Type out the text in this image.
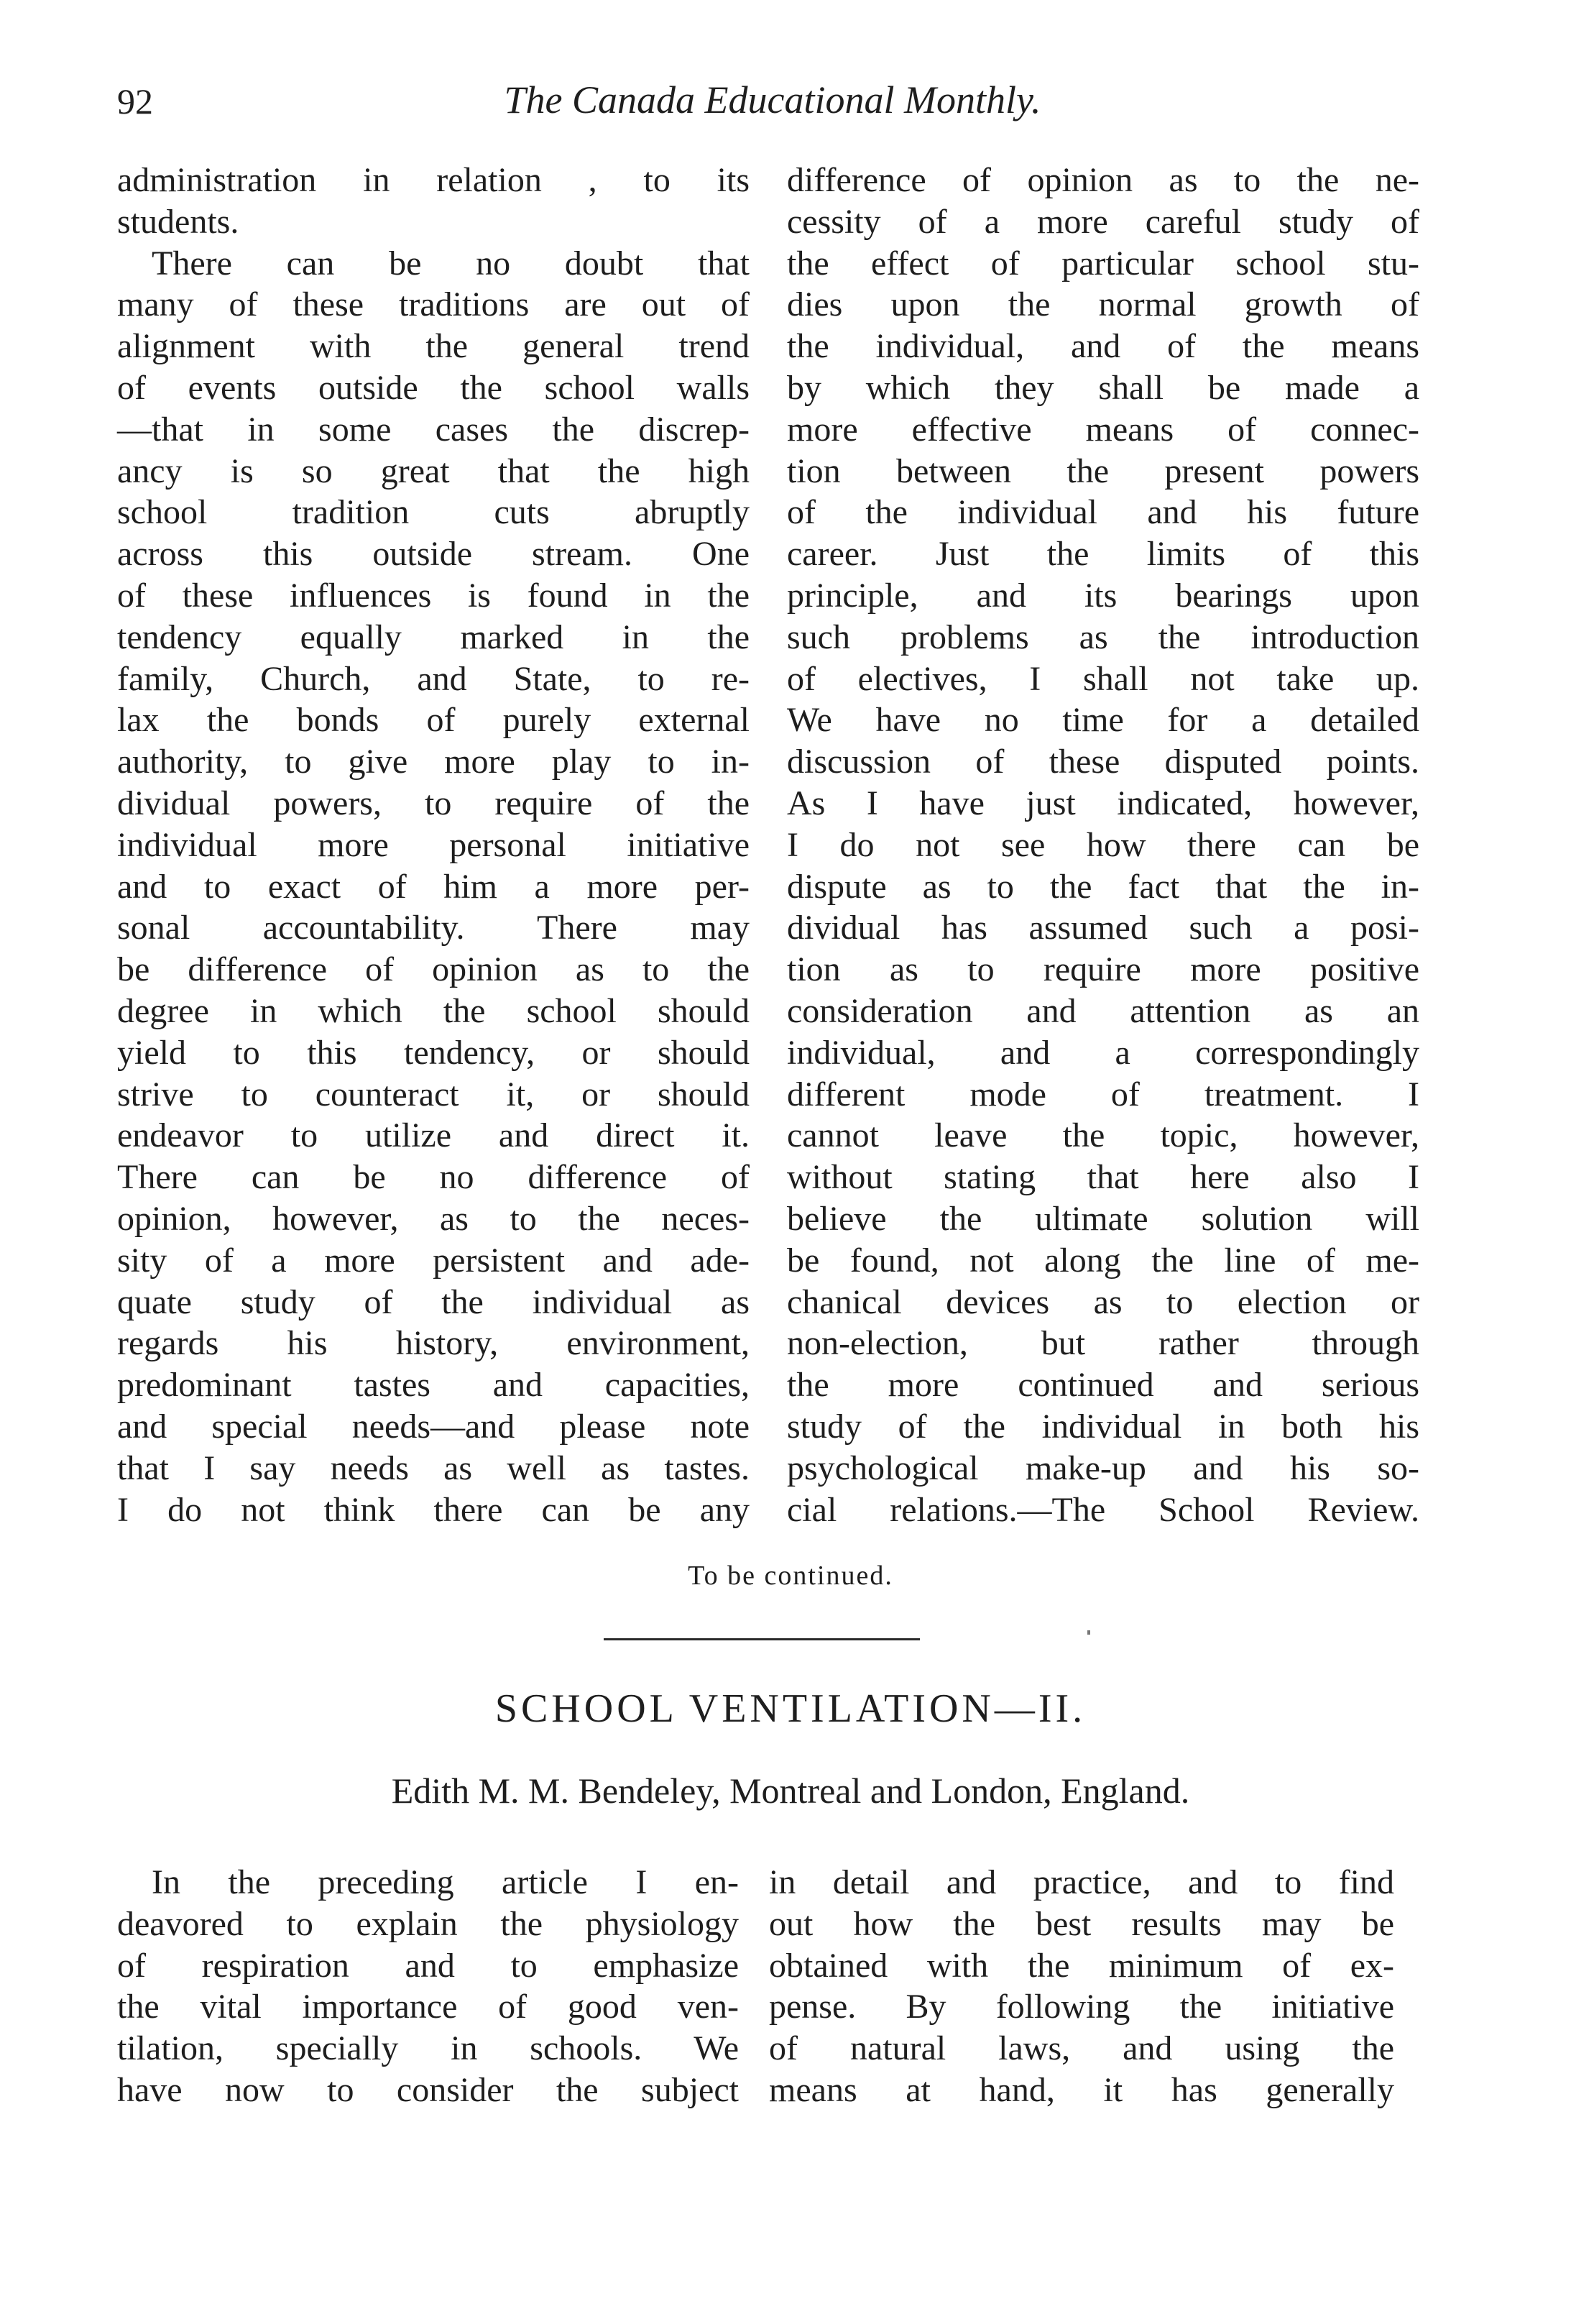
92	The Canada Educational Monthly.

administration in relation , to its

students.

There can be no doubt that

many of these traditions are out of

alignment with the general trend

of events outside the school walls

—that in some cases the discrep-

ancy is so great that the high

school tradition cuts abruptly

across this outside stream. One

of these influences is found in the

tendency equally marked in the

family, Church, and State, to re-

lax the bonds of purely external

authority, to give more play to in-

dividual powers, to require of the

individual more personal initiative

and to exact of him a more per-

sonal accountability. There may

be difference of opinion as to the

degree in which the school should

yield to this tendency, or should

strive to counteract it, or should

endeavor to utilize and direct it.

There can be no difference of

opinion, however, as to the neces-

sity of a more persistent and ade-

quate study of the individual as

regards his history, environment,

predominant tastes and capacities,

and special needs—and please note

that I say needs as well as tastes.

I do not think there can be any

difference of opinion as to the ne-

cessity of a more careful study of

the effect of particular school stu-

dies upon the normal growth of

the individual, and of the means

by which they shall be made a

more effective means of connec-

tion between the present powers

of the individual and his future

career. Just the limits of this

principle, and its bearings upon

such problems as the introduction

of electives, I shall not take up.

We have no time for a detailed

discussion of these disputed points.

As I have just indicated, however,

I do not see how there can be

dispute as to the fact that the in-

dividual has assumed such a posi-

tion as to require more positive

consideration and attention as an

individual, and a correspondingly

different mode of treatment. I

cannot leave the topic, however,

without stating that here also I

believe the ultimate solution will

be found, not along the line of me-

chanical devices as to election or

non-election, but rather through

the more continued and serious

study of the individual in both his

psychological make-up and his so-

cial relations.—The School Review.

To be continued.
SCHOOL VENTILATION—II.
Edith M. M. Bendeley, Montreal and London, England.

In the preceding article I en-

deavored to explain the physiology

of respiration and to emphasize

the vital importance of good ven-

tilation, specially in schools. We

have now to consider the subject

in detail and practice, and to find

out how the best results may be

obtained with the minimum of ex-

pense. By following the initiative

of natural laws, and using the

means at hand, it has generally
